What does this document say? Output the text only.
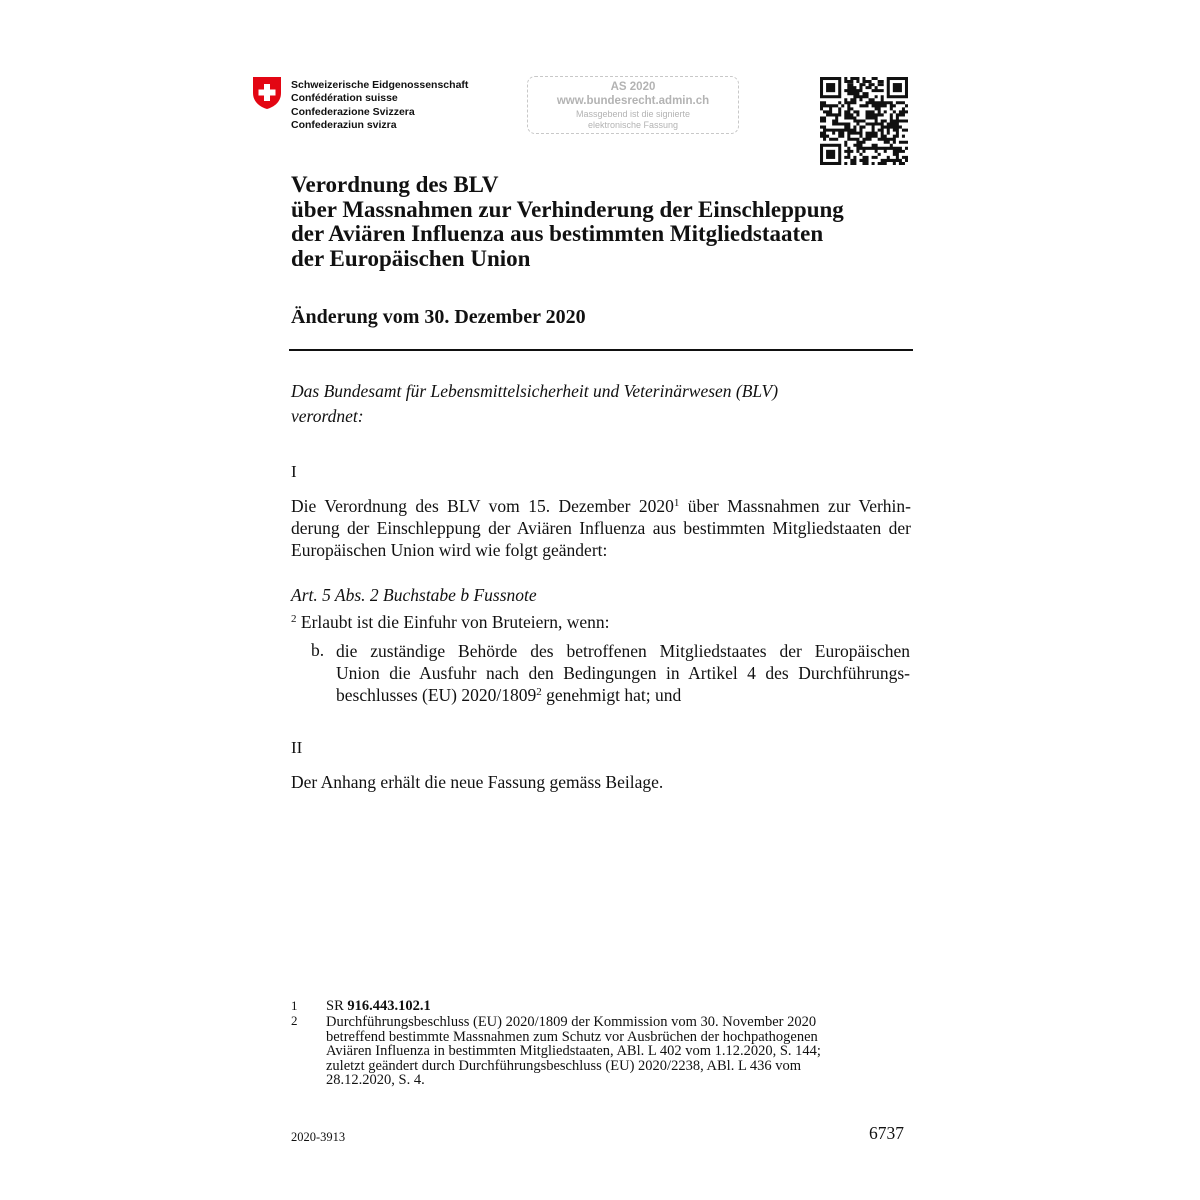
Schweizerische Eidgenossenschaft
Confédération suisse
Confederazione Svizzera
Confederaziun svizra
AS 2020
www.bundesrecht.admin.ch
Massgebend ist die signierte
elektronische Fassung
Verordnung des BLV
über Massnahmen zur Verhinderung der Einschleppung
der Aviären Influenza aus bestimmten Mitgliedstaaten
der Europäischen Union
Änderung vom 30. Dezember 2020
Das Bundesamt für Lebensmittelsicherheit und Veterinärwesen (BLV)
verordnet:
I
Die Verordnung des BLV vom 15. Dezember 2020$^1$ über Massnahmen zur Verhin-
derung der Einschleppung der Aviären Influenza aus bestimmten Mitgliedstaaten der
Europäischen Union wird wie folgt geändert:
Art. 5 Abs. 2 Buchstabe b Fussnote
$^2$ Erlaubt ist die Einfuhr von Bruteiern, wenn:
b. die zuständige Behörde des betroffenen Mitgliedstaates der Europäischen
Union die Ausfuhr nach den Bedingungen in Artikel 4 des Durchführungs-
beschlusses (EU) 2020/1809$^2$ genehmigt hat; und
II
Der Anhang erhält die neue Fassung gemäss Beilage.
1 SR 916.443.102.1
2 Durchführungsbeschluss (EU) 2020/1809 der Kommission vom 30. November 2020
betreffend bestimmte Massnahmen zum Schutz vor Ausbrüchen der hochpathogenen
Aviären Influenza in bestimmten Mitgliedstaaten, ABl. L 402 vom 1.12.2020, S. 144;
zuletzt geändert durch Durchführungsbeschluss (EU) 2020/2238, ABl. L 436 vom
28.12.2020, S. 4.
2020-3913	6737
